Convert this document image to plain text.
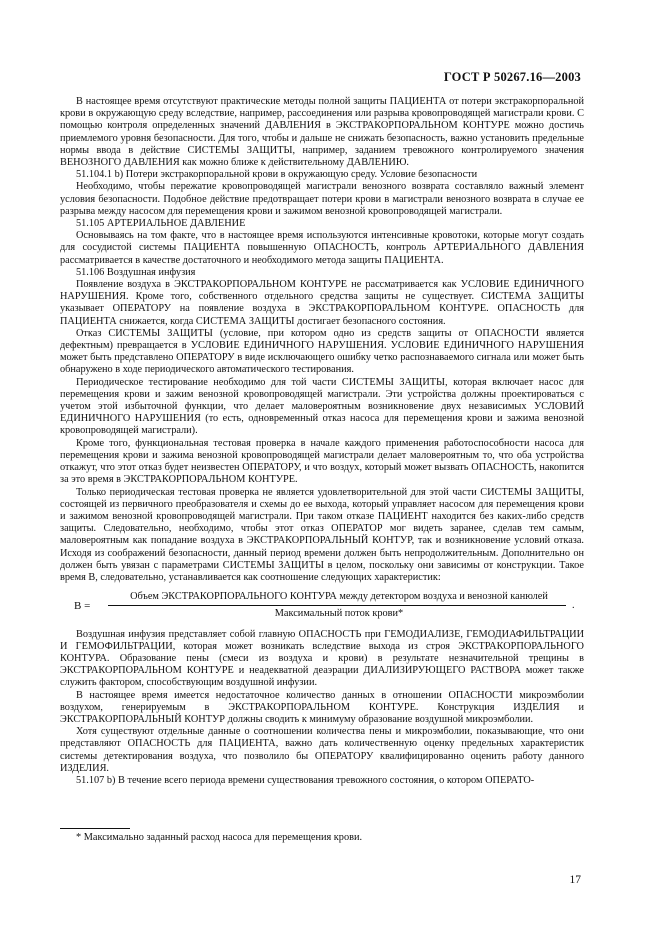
ГОСТ Р 50267.16—2003

В настоящее время отсутствуют практические методы полной защиты ПАЦИЕНТА от потери экстракорпоральной крови в окружающую среду вследствие, например, рассоединения или разрыва кровопроводящей магистрали крови. С помощью контроля определенных значений ДАВЛЕНИЯ в ЭКСТРАКОРПОРАЛЬНОМ КОНТУРЕ можно достичь приемлемого уровня безопасности. Для того, чтобы и дальше не снижать безопасность, важно установить предельные нормы ввода в действие СИСТЕМЫ ЗАЩИТЫ, например, заданием тревожного контролируемого значения ВЕНОЗНОГО ДАВЛЕНИЯ как можно ближе к действительному ДАВЛЕНИЮ.

51.104.1 b) Потери экстракорпоральной крови в окружающую среду. Условие безопасности

Необходимо, чтобы пережатие кровопроводящей магистрали венозного возврата составляло важный элемент условия безопасности. Подобное действие предотвращает потери крови в магистрали венозного возврата в случае ее разрыва между насосом для перемещения крови и зажимом венозной кровопроводящей магистрали.

51.105 АРТЕРИАЛЬНОЕ ДАВЛЕНИЕ

Основываясь на том факте, что в настоящее время используются интенсивные кровотоки, которые могут создать для сосудистой системы ПАЦИЕНТА повышенную ОПАСНОСТЬ, контроль АРТЕРИАЛЬНОГО ДАВЛЕНИЯ рассматривается в качестве достаточного и необходимого метода защиты ПАЦИЕНТА.

51.106 Воздушная инфузия

Появление воздуха в ЭКСТРАКОРПОРАЛЬНОМ КОНТУРЕ не рассматривается как УСЛОВИЕ ЕДИНИЧНОГО НАРУШЕНИЯ. Кроме того, собственного отдельного средства защиты не существует. СИСТЕМА ЗАЩИТЫ указывает ОПЕРАТОРУ на появление воздуха в ЭКСТРАКОРПОРАЛЬНОМ КОНТУРЕ. ОПАСНОСТЬ для ПАЦИЕНТА снижается, когда СИСТЕМА ЗАЩИТЫ достигает безопасного состояния.

Отказ СИСТЕМЫ ЗАЩИТЫ (условие, при котором одно из средств защиты от ОПАСНОСТИ является дефектным) превращается в УСЛОВИЕ ЕДИНИЧНОГО НАРУШЕНИЯ. УСЛОВИЕ ЕДИНИЧНОГО НАРУШЕНИЯ может быть представлено ОПЕРАТОРУ в виде исключающего ошибку четко распознаваемого сигнала или может быть обнаружено в ходе периодического автоматического тестирования.

Периодическое тестирование необходимо для той части СИСТЕМЫ ЗАЩИТЫ, которая включает насос для перемещения крови и зажим венозной кровопроводящей магистрали. Эти устройства должны проектироваться с учетом этой избыточной функции, что делает маловероятным возникновение двух независимых УСЛОВИЙ ЕДИНИЧНОГО НАРУШЕНИЯ (то есть, одновременный отказ насоса для перемещения крови и зажима венозной кровопроводящей магистрали).

Кроме того, функциональная тестовая проверка в начале каждого применения работоспособности насоса для перемещения крови и зажима венозной кровопроводящей магистрали делает маловероятным то, что оба устройства откажут, что этот отказ будет неизвестен ОПЕРАТОРУ, и что воздух, который может вызвать ОПАСНОСТЬ, накопится за это время в ЭКСТРАКОРПОРАЛЬНОМ КОНТУРЕ.

Только периодическая тестовая проверка не является удовлетворительной для этой части СИСТЕМЫ ЗАЩИТЫ, состоящей из первичного преобразователя и схемы до ее выхода, который управляет насосом для перемещения крови и зажимом венозной кровопроводящей магистрали. При таком отказе ПАЦИЕНТ находится без каких-либо средств защиты. Следовательно, необходимо, чтобы этот отказ ОПЕРАТОР мог видеть заранее, сделав тем самым, маловероятным как попадание воздуха в ЭКСТРАКОРПОРАЛЬНЫЙ КОНТУР, так и возникновение условий отказа. Исходя из соображений безопасности, данный период времени должен быть непродолжительным. Дополнительно он должен быть увязан с параметрами СИСТЕМЫ ЗАЩИТЫ в целом, поскольку они зависимы от конструкции. Такое время В, следовательно, устанавливается как соотношение следующих характеристик:

В =
Объем ЭКСТРАКОРПОРАЛЬНОГО КОНТУРА между детектором воздуха и венозной канюлей
Максимальный поток крови*
.

Воздушная инфузия представляет собой главную ОПАСНОСТЬ при ГЕМОДИАЛИЗЕ, ГЕМОДИАФИЛЬТРАЦИИ И ГЕМОФИЛЬТРАЦИИ, которая может возникать вследствие выхода из строя ЭКСТРАКОРПОРАЛЬНОГО КОНТУРА. Образование пены (смеси из воздуха и крови) в результате незначительной трещины в ЭКСТРАКОРПОРАЛЬНОМ КОНТУРЕ и неадекватной деаэрации ДИАЛИЗИРУЮЩЕГО РАСТВОРА может также служить фактором, способствующим воздушной инфузии.

В настоящее время имеется недостаточное количество данных в отношении ОПАСНОСТИ микроэмболии воздухом, генерируемым в ЭКСТРАКОРПОРАЛЬНОМ КОНТУРЕ. Конструкция ИЗДЕЛИЯ и ЭКСТРАКОРПОРАЛЬНЫЙ КОНТУР должны сводить к минимуму образование воздушной микроэмболии.

Хотя существуют отдельные данные о соотношении количества пены и микроэмболии, показывающие, что они представляют ОПАСНОСТЬ для ПАЦИЕНТА, важно дать количественную оценку предельных характеристик системы детектирования воздуха, что позволило бы ОПЕРАТОРУ квалифицированно оценить работу данного ИЗДЕЛИЯ.

51.107 b) В течение всего периода времени существования тревожного состояния, о котором ОПЕРАТО-

* Максимально заданный расход насоса для перемещения крови.
17
